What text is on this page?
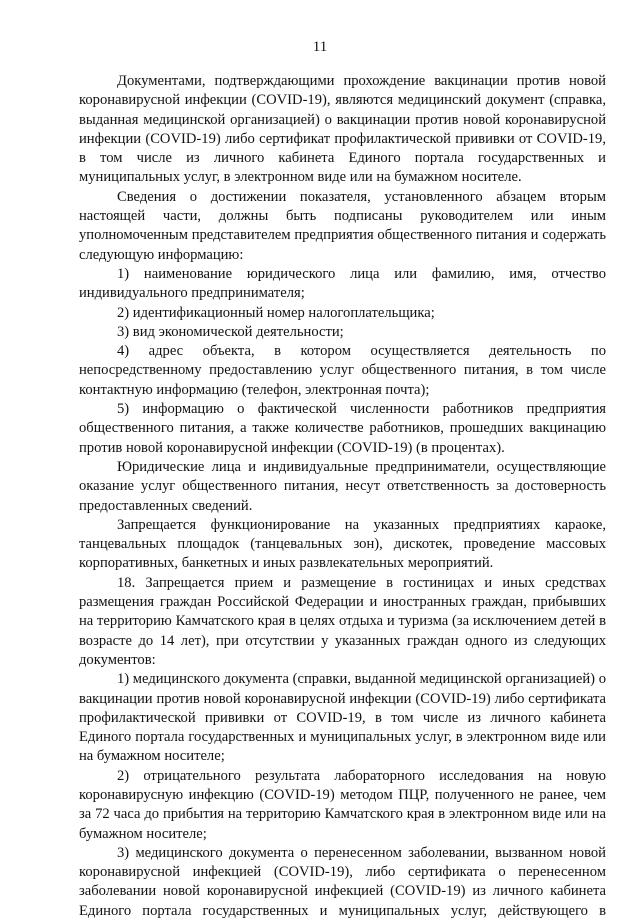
11

Документами, подтверждающими прохождение вакцинации против новой коронавирусной инфекции (COVID-19), являются медицинский документ (справка, выданная медицинской организацией) о вакцинации против новой коронавирусной инфекции (COVID-19) либо сертификат профилактической прививки от COVID-19, в том числе из личного кабинета Единого портала государственных и муниципальных услуг, в электронном виде или на бумажном носителе.

Сведения о достижении показателя, установленного абзацем вторым настоящей части, должны быть подписаны руководителем или иным уполномоченным представителем предприятия общественного питания и содержать следующую информацию:

1) наименование юридического лица или фамилию, имя, отчество индивидуального предпринимателя;

2) идентификационный номер налогоплательщика;

3) вид экономической деятельности;

4) адрес объекта, в котором осуществляется деятельность по непосредственному предоставлению услуг общественного питания, в том числе контактную информацию (телефон, электронная почта);

5) информацию о фактической численности работников предприятия общественного питания, а также количестве работников, прошедших вакцинацию против новой коронавирусной инфекции (COVID-19) (в процентах).

Юридические лица и индивидуальные предприниматели, осуществляющие оказание услуг общественного питания, несут ответственность за достоверность предоставленных сведений.

Запрещается функционирование на указанных предприятиях караоке, танцевальных площадок (танцевальных зон), дискотек, проведение массовых корпоративных, банкетных и иных развлекательных мероприятий.

18. Запрещается прием и размещение в гостиницах и иных средствах размещения граждан Российской Федерации и иностранных граждан, прибывших на территорию Камчатского края в целях отдыха и туризма (за исключением детей в возрасте до 14 лет), при отсутствии у указанных граждан одного из следующих документов:

1) медицинского документа (справки, выданной медицинской организацией) о вакцинации против новой коронавирусной инфекции (COVID-19) либо сертификата профилактической прививки от COVID-19, в том числе из личного кабинета Единого портала государственных и муниципальных услуг, в электронном виде или на бумажном носителе;

2) отрицательного результата лабораторного исследования на новую коронавирусную инфекцию (COVID-19) методом ПЦР, полученного не ранее, чем за 72 часа до прибытия на территорию Камчатского края в электронном виде или на бумажном носителе;

3) медицинского документа о перенесенном заболевании, вызванном новой коронавирусной инфекцией (COVID-19), либо сертификата о перенесенном заболевании новой коронавирусной инфекцией (COVID-19) из личного кабинета Единого портала государственных и муниципальных услуг, действующего в
